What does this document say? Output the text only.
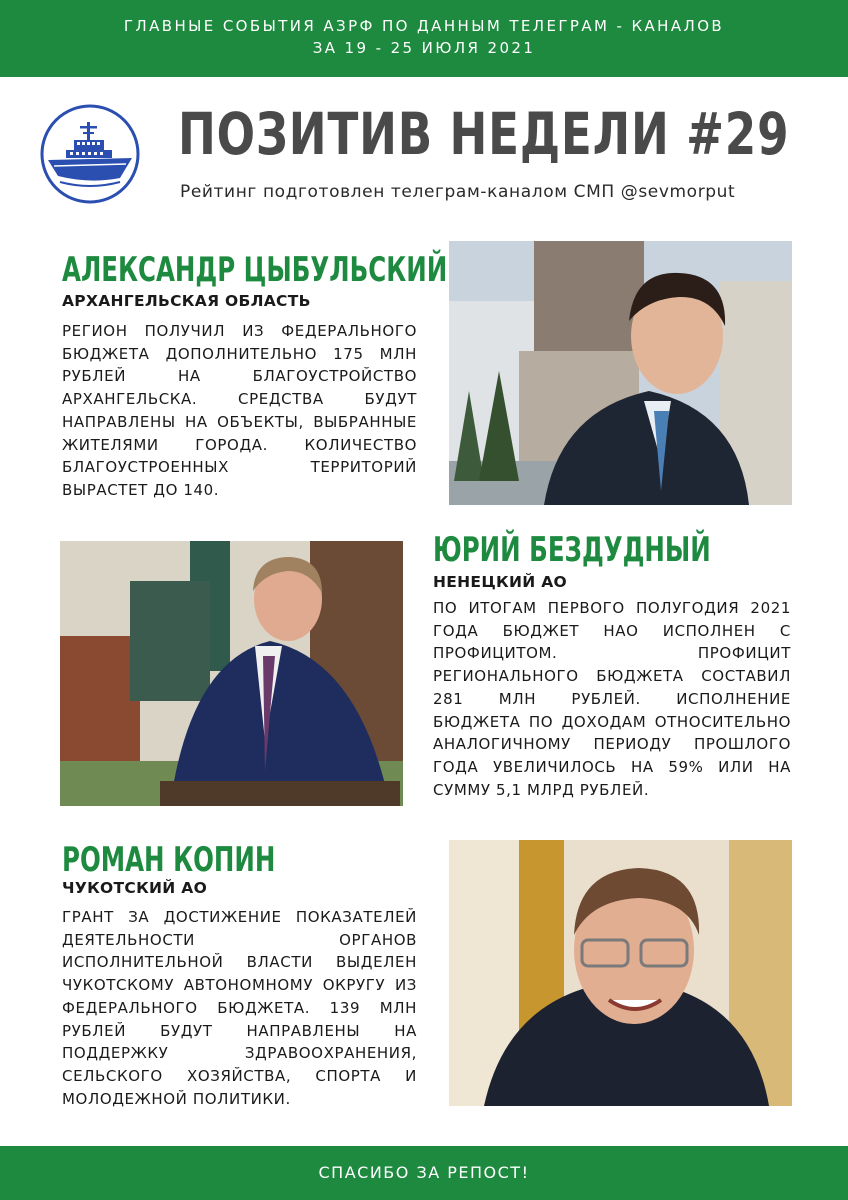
ГЛАВНЫЕ СОБЫТИЯ АЗРФ ПО ДАННЫМ ТЕЛЕГРАМ - КАНАЛОВ
ЗА 19 - 25 ИЮЛЯ 2021
ПОЗИТИВ НЕДЕЛИ #29
Рейтинг подготовлен телеграм-каналом СМП @sevmorput
АЛЕКСАНДР ЦЫБУЛЬСКИЙ
АРХАНГЕЛЬСКАЯ ОБЛАСТЬ
РЕГИОН ПОЛУЧИЛ ИЗ ФЕДЕРАЛЬНОГО БЮДЖЕТА ДОПОЛНИТЕЛЬНО 175 МЛН РУБЛЕЙ НА БЛАГОУСТРОЙСТВО АРХАНГЕЛЬСКА. СРЕДСТВА БУДУТ НАПРАВЛЕНЫ НА ОБЪЕКТЫ, ВЫБРАННЫЕ ЖИТЕЛЯМИ ГОРОДА. КОЛИЧЕСТВО БЛАГОУСТРОЕННЫХ ТЕРРИТОРИЙ ВЫРАСТЕТ ДО 140.
ЮРИЙ БЕЗДУДНЫЙ
НЕНЕЦКИЙ АО
ПО ИТОГАМ ПЕРВОГО ПОЛУГОДИЯ 2021 ГОДА БЮДЖЕТ НАО ИСПОЛНЕН С ПРОФИЦИТОМ. ПРОФИЦИТ РЕГИОНАЛЬНОГО БЮДЖЕТА СОСТАВИЛ 281 МЛН РУБЛЕЙ. ИСПОЛНЕНИЕ БЮДЖЕТА ПО ДОХОДАМ ОТНОСИТЕЛЬНО АНАЛОГИЧНОМУ ПЕРИОДУ ПРОШЛОГО ГОДА УВЕЛИЧИЛОСЬ НА 59% ИЛИ НА СУММУ 5,1 МЛРД РУБЛЕЙ.
РОМАН КОПИН
ЧУКОТСКИЙ АО
ГРАНТ ЗА ДОСТИЖЕНИЕ ПОКАЗАТЕЛЕЙ ДЕЯТЕЛЬНОСТИ ОРГАНОВ ИСПОЛНИТЕЛЬНОЙ ВЛАСТИ ВЫДЕЛЕН ЧУКОТСКОМУ АВТОНОМНОМУ ОКРУГУ ИЗ ФЕДЕРАЛЬНОГО БЮДЖЕТА. 139 МЛН РУБЛЕЙ БУДУТ НАПРАВЛЕНЫ НА ПОДДЕРЖКУ ЗДРАВООХРАНЕНИЯ, СЕЛЬСКОГО ХОЗЯЙСТВА, СПОРТА И МОЛОДЕЖНОЙ ПОЛИТИКИ.
СПАСИБО ЗА РЕПОСТ!
